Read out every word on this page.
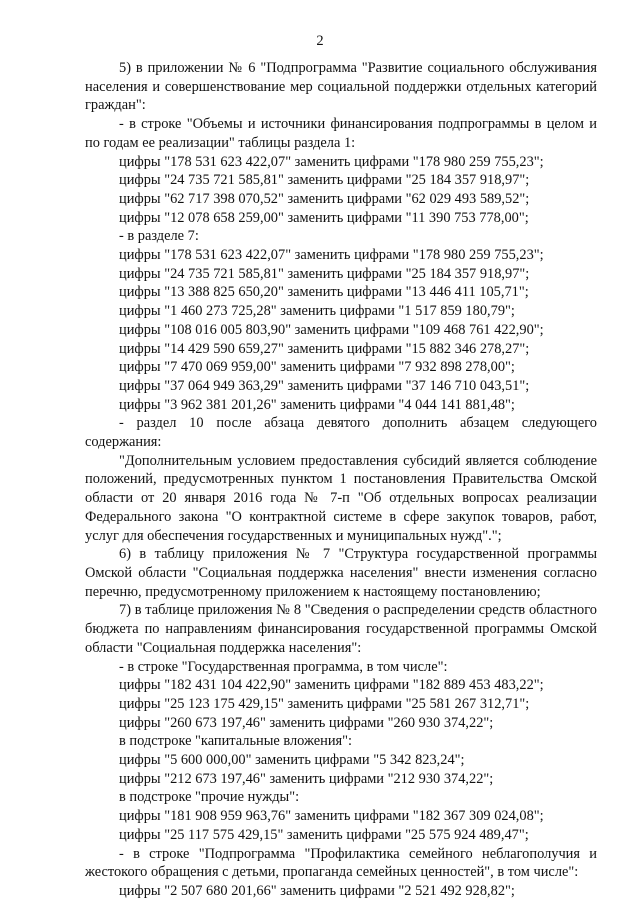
2

5) в приложении № 6 "Подпрограмма "Развитие социального обслуживания населения и совершенствование мер социальной поддержки отдельных категорий граждан":

- в строке "Объемы и источники финансирования подпрограммы в целом и по годам ее реализации" таблицы раздела 1:

цифры "178 531 623 422,07" заменить цифрами "178 980 259 755,23";

цифры "24 735 721 585,81" заменить цифрами "25 184 357 918,97";

цифры "62 717 398 070,52" заменить цифрами "62 029 493 589,52";

цифры "12 078 658 259,00" заменить цифрами "11 390 753 778,00";

- в разделе 7:

цифры "178 531 623 422,07" заменить цифрами "178 980 259 755,23";

цифры "24 735 721 585,81" заменить цифрами "25 184 357 918,97";

цифры "13 388 825 650,20" заменить цифрами "13 446 411 105,71";

цифры "1 460 273 725,28" заменить цифрами "1 517 859 180,79";

цифры "108 016 005 803,90" заменить цифрами "109 468 761 422,90";

цифры "14 429 590 659,27" заменить цифрами "15 882 346 278,27";

цифры "7 470 069 959,00" заменить цифрами "7 932 898 278,00";

цифры "37 064 949 363,29" заменить цифрами "37 146 710 043,51";

цифры "3 962 381 201,26" заменить цифрами "4 044 141 881,48";

- раздел 10 после абзаца девятого дополнить абзацем следующего содержания:

"Дополнительным условием предоставления субсидий является соблюдение положений, предусмотренных пунктом 1 постановления Правительства Омской области от 20 января 2016 года № 7-п "Об отдельных вопросах реализации Федерального закона "О контрактной системе в сфере закупок товаров, работ, услуг для обеспечения государственных и муниципальных нужд".";

6) в таблицу приложения № 7 "Структура государственной программы Омской области "Социальная поддержка населения" внести изменения согласно перечню, предусмотренному приложением к настоящему постановлению;

7) в таблице приложения № 8 "Сведения о распределении средств областного бюджета по направлениям финансирования государственной программы Омской области "Социальная поддержка населения":

- в строке "Государственная программа, в том числе":

цифры "182 431 104 422,90" заменить цифрами "182 889 453 483,22";

цифры "25 123 175 429,15" заменить цифрами "25 581 267 312,71";

цифры "260 673 197,46" заменить цифрами "260 930 374,22";

в подстроке "капитальные вложения":

цифры "5 600 000,00" заменить цифрами "5 342 823,24";

цифры "212 673 197,46" заменить цифрами "212 930 374,22";

в подстроке "прочие нужды":

цифры "181 908 959 963,76" заменить цифрами "182 367 309 024,08";

цифры "25 117 575 429,15" заменить цифрами "25 575 924 489,47";

- в строке "Подпрограмма "Профилактика семейного неблагополучия и жестокого обращения с детьми, пропаганда семейных ценностей", в том числе":

цифры "2 507 680 201,66" заменить цифрами "2 521 492 928,82";
